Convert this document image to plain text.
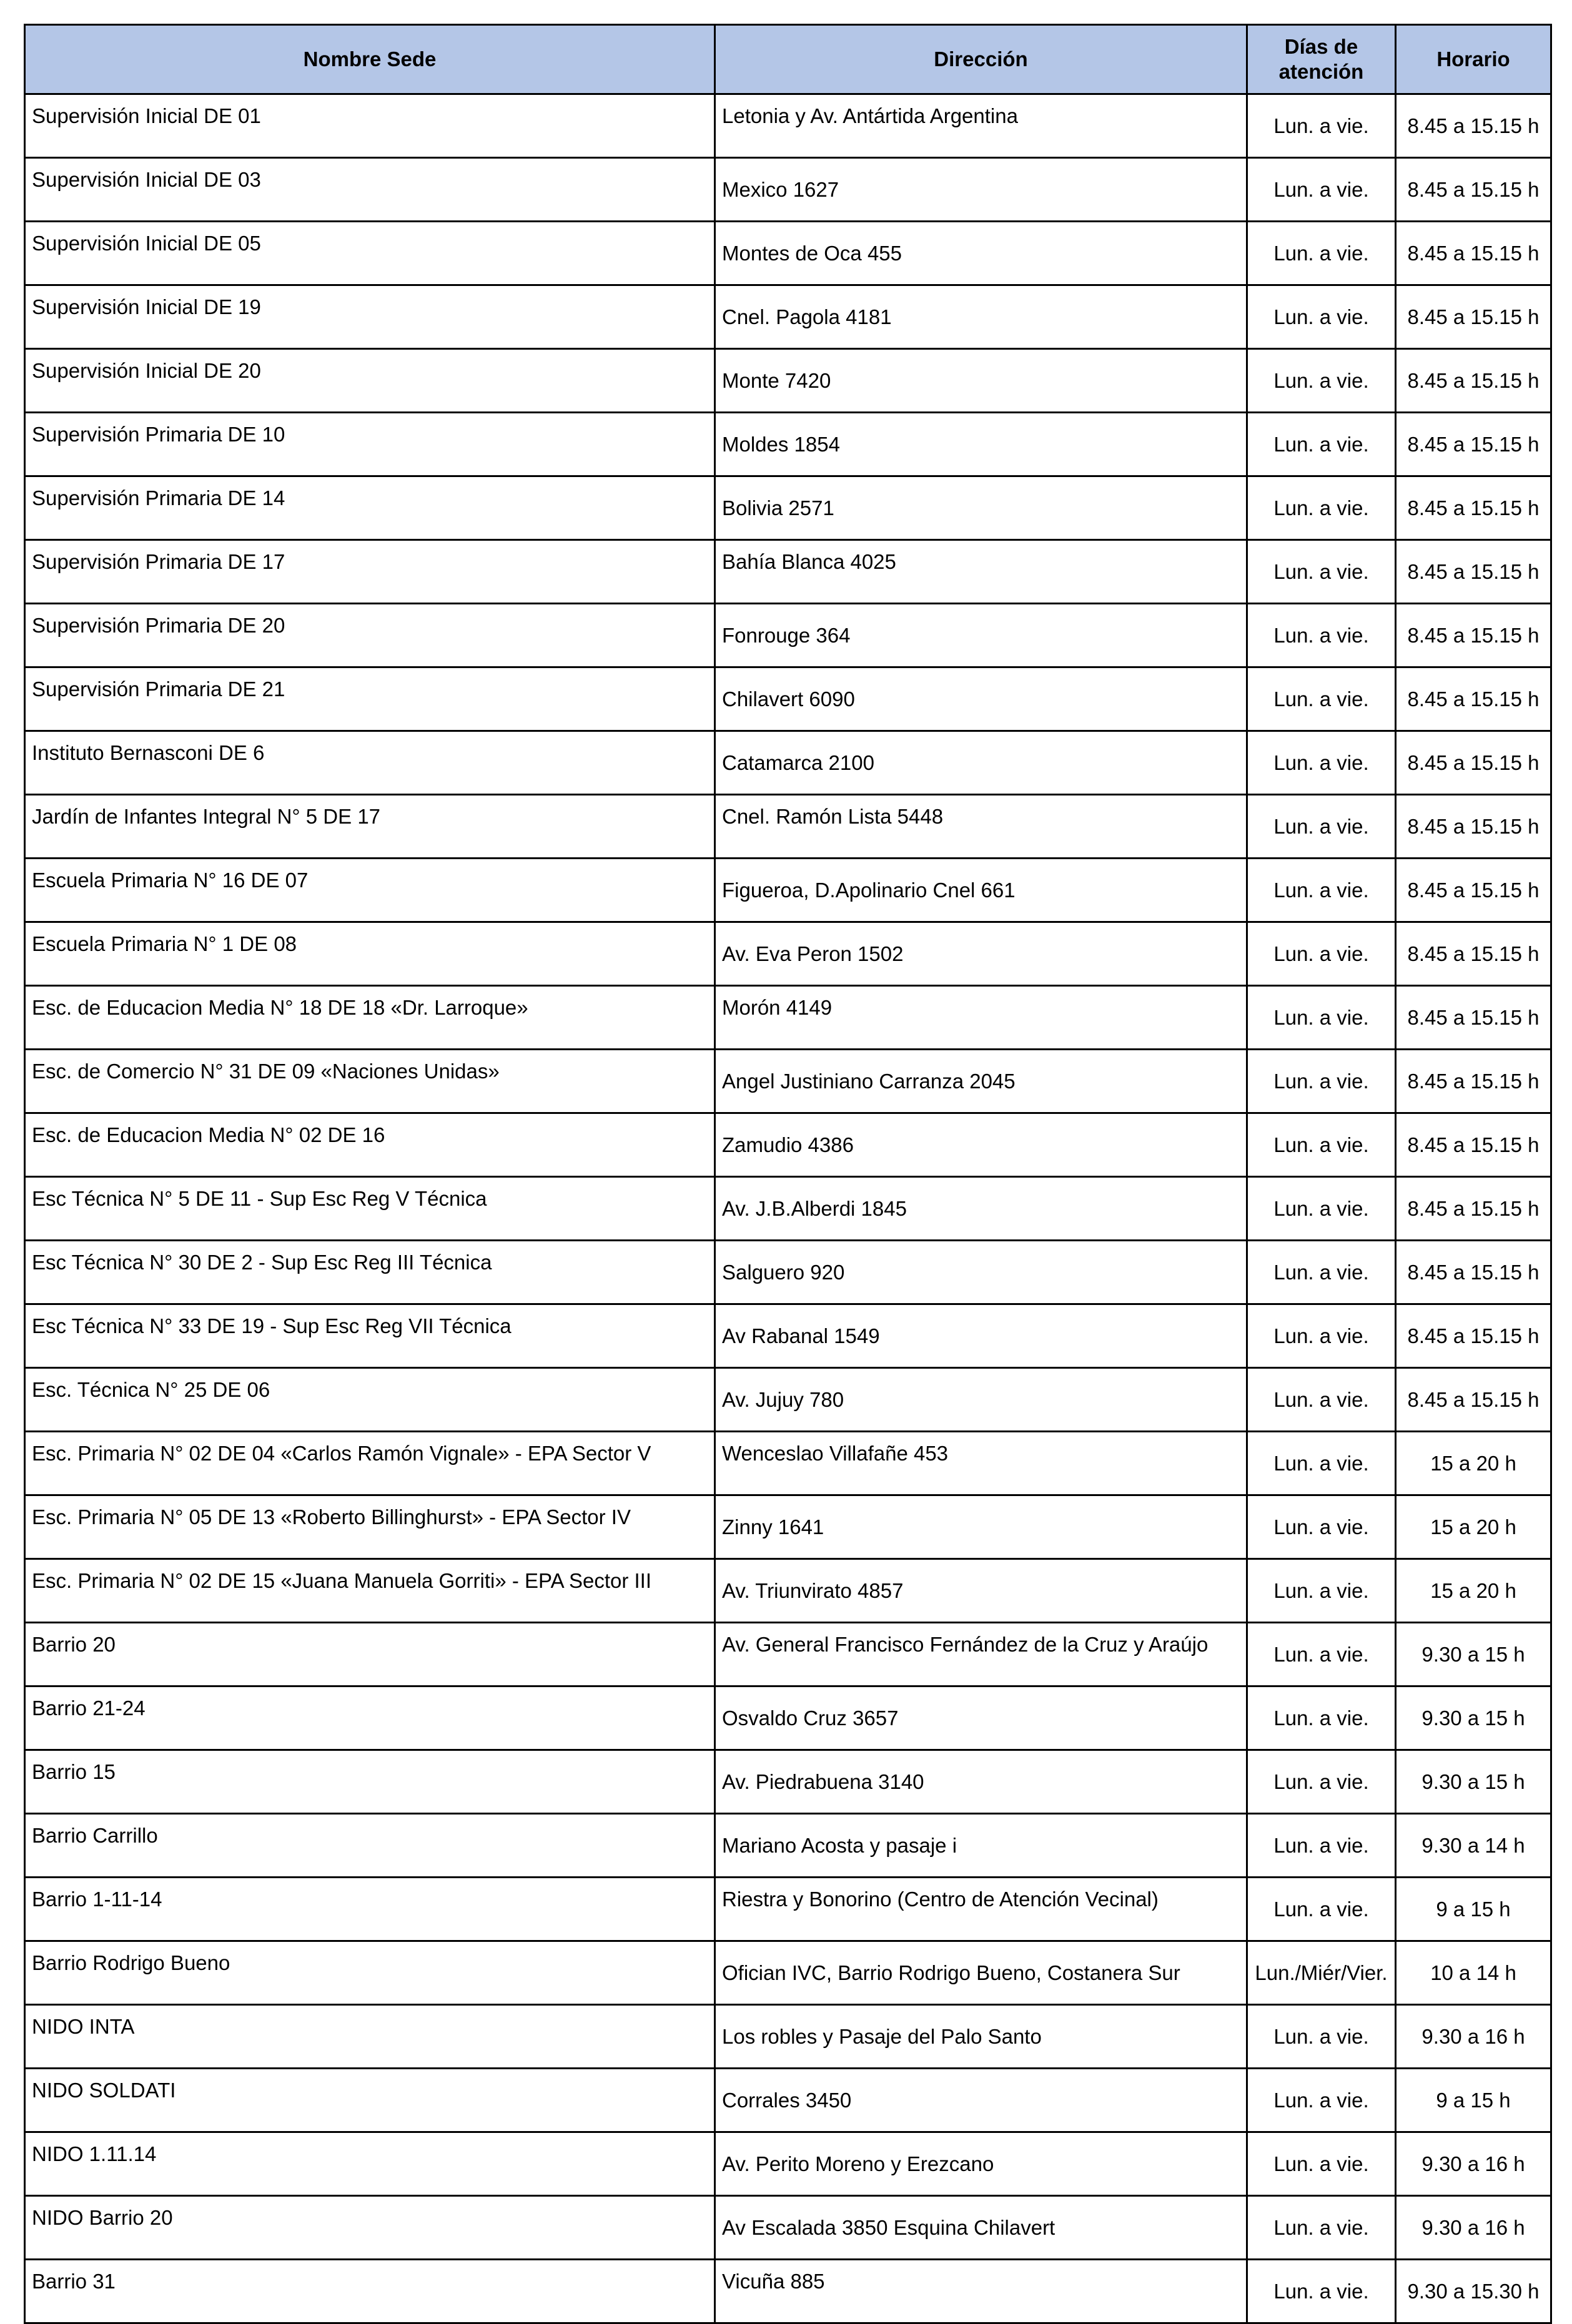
Nombre Sede	Dirección	Días de atención	Horario
Supervisión Inicial DE 01	Letonia y Av. Antártida Argentina	Lun. a vie.	8.45 a 15.15 h
Supervisión Inicial DE 03	Mexico 1627	Lun. a vie.	8.45 a 15.15 h
Supervisión Inicial DE 05	Montes de Oca 455	Lun. a vie.	8.45 a 15.15 h
Supervisión Inicial DE 19	Cnel. Pagola 4181	Lun. a vie.	8.45 a 15.15 h
Supervisión Inicial DE 20	Monte 7420	Lun. a vie.	8.45 a 15.15 h
Supervisión Primaria DE 10	Moldes 1854	Lun. a vie.	8.45 a 15.15 h
Supervisión Primaria DE 14	Bolivia 2571	Lun. a vie.	8.45 a 15.15 h
Supervisión Primaria DE 17	Bahía Blanca 4025	Lun. a vie.	8.45 a 15.15 h
Supervisión Primaria DE 20	Fonrouge 364	Lun. a vie.	8.45 a 15.15 h
Supervisión Primaria DE 21	Chilavert 6090	Lun. a vie.	8.45 a 15.15 h
Instituto Bernasconi DE 6	Catamarca 2100	Lun. a vie.	8.45 a 15.15 h
Jardín de Infantes Integral N° 5 DE 17	Cnel. Ramón Lista 5448	Lun. a vie.	8.45 a 15.15 h
Escuela Primaria N° 16 DE 07	Figueroa, D.Apolinario Cnel 661	Lun. a vie.	8.45 a 15.15 h
Escuela Primaria N° 1 DE 08	Av. Eva Peron 1502	Lun. a vie.	8.45 a 15.15 h
Esc. de Educacion Media N° 18 DE 18 «Dr. Larroque»	Morón 4149	Lun. a vie.	8.45 a 15.15 h
Esc. de Comercio N° 31 DE 09 «Naciones Unidas»	Angel Justiniano Carranza 2045	Lun. a vie.	8.45 a 15.15 h
Esc. de Educacion Media N° 02 DE 16	Zamudio 4386	Lun. a vie.	8.45 a 15.15 h
Esc Técnica N° 5 DE 11 - Sup Esc Reg V Técnica	Av. J.B.Alberdi 1845	Lun. a vie.	8.45 a 15.15 h
Esc Técnica N° 30 DE 2 - Sup Esc Reg III Técnica	Salguero 920	Lun. a vie.	8.45 a 15.15 h
Esc Técnica N° 33 DE 19 - Sup Esc Reg VII Técnica	Av Rabanal 1549	Lun. a vie.	8.45 a 15.15 h
Esc. Técnica N° 25 DE 06	Av. Jujuy 780	Lun. a vie.	8.45 a 15.15 h
Esc. Primaria N° 02 DE 04 «Carlos Ramón Vignale» - EPA Sector V	Wenceslao Villafañe 453	Lun. a vie.	15 a 20 h
Esc. Primaria N° 05 DE 13 «Roberto Billinghurst» - EPA Sector IV	Zinny 1641	Lun. a vie.	15 a 20 h
Esc. Primaria N° 02 DE 15 «Juana Manuela Gorriti» - EPA Sector III	Av. Triunvirato 4857	Lun. a vie.	15 a 20 h
Barrio 20	Av. General Francisco Fernández de la Cruz y Araújo	Lun. a vie.	9.30 a 15 h
Barrio 21-24	Osvaldo Cruz 3657	Lun. a vie.	9.30 a 15 h
Barrio 15	Av. Piedrabuena 3140	Lun. a vie.	9.30 a 15 h
Barrio Carrillo	Mariano Acosta y pasaje i	Lun. a vie.	9.30 a 14 h
Barrio 1-11-14	Riestra y Bonorino (Centro de Atención Vecinal)	Lun. a vie.	9 a 15 h
Barrio Rodrigo Bueno	Ofician IVC, Barrio Rodrigo Bueno, Costanera Sur	Lun./Miér/Vier.	10 a 14 h
NIDO INTA	Los robles y Pasaje del Palo Santo	Lun. a vie.	9.30 a 16 h
NIDO SOLDATI	Corrales 3450	Lun. a vie.	9 a 15 h
NIDO 1.11.14	Av. Perito Moreno y Erezcano	Lun. a vie.	9.30 a 16 h
NIDO Barrio 20	Av Escalada 3850 Esquina Chilavert	Lun. a vie.	9.30 a 16 h
Barrio 31	Vicuña 885	Lun. a vie.	9.30 a 15.30 h
